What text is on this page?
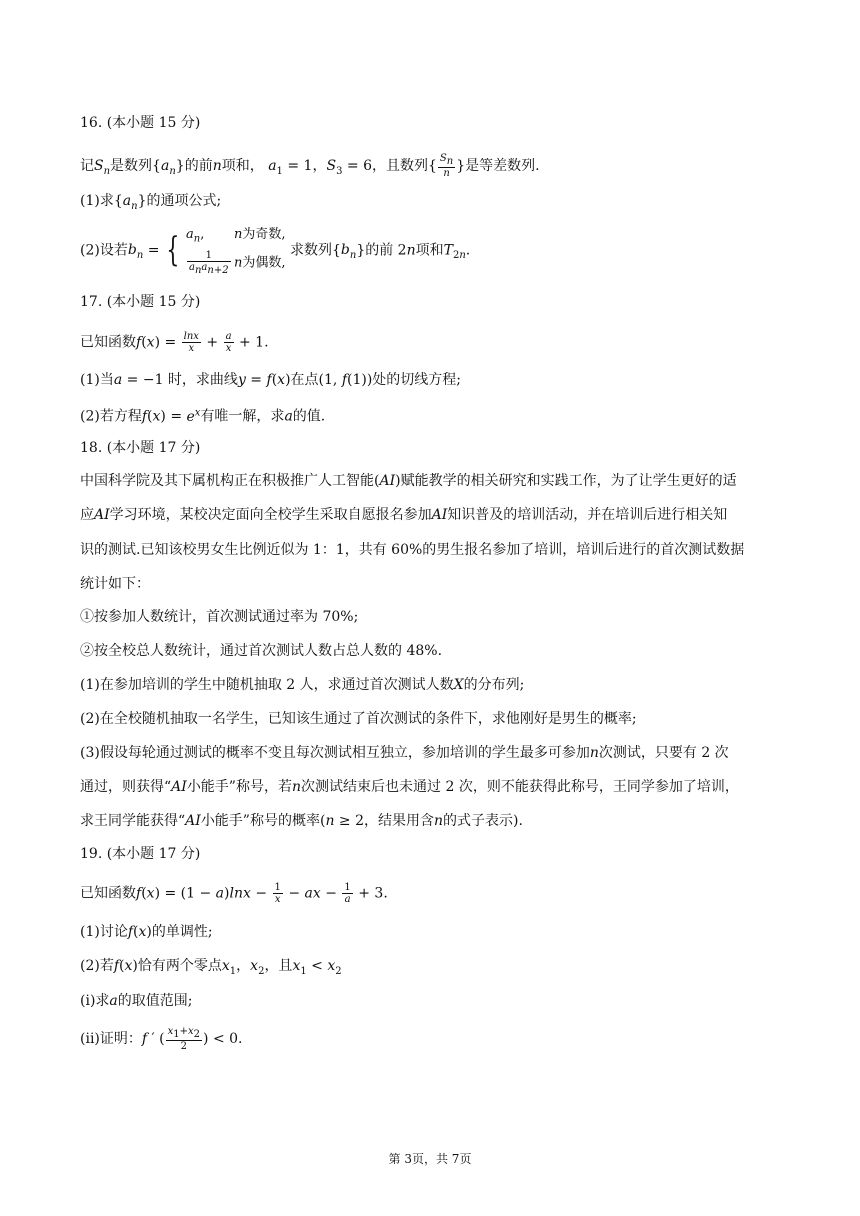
16. (本小题 15 分)
记$S_n$是数列$\{a_n\}$的前n项和， $a_1 = 1$，$S_3 = 6$，且数列{ $\frac{S_n}{n}$ }是等差数列.
(1)求$\{a_n\}$的通项公式;
(2)设若$b_n$ = { $a_n$, n为奇数,
$\frac{1}{a_na_{n+2}}$ n为偶数,
求数列$\{b_n\}$的前 2n项和$T_{2n}$.
17. (本小题 15 分)
已知函数$f(x) = \frac{\ln x}{x} + \frac{a}{x} + 1$.
(1)当a = −1 时，求曲线y = f(x)在点(1, f(1))处的切线方程;
(2)若方程$f(x) = e^x$有唯一解，求a的值.
18. (本小题 17 分)
中国科学院及其下属机构正在积极推广人工智能(AI)赋能教学的相关研究和实践工作，为了让学生更好的适
应AI学习环境，某校决定面向全校学生采取自愿报名参加AI知识普及的培训活动，并在培训后进行相关知
识的测试.已知该校男女生比例近似为 1：1，共有 60%的男生报名参加了培训，培训后进行的首次测试数据
统计如下：
①按参加人数统计，首次测试通过率为 70%;
②按全校总人数统计，通过首次测试人数占总人数的 48%.
(1)在参加培训的学生中随机抽取 2 人，求通过首次测试人数X的分布列;
(2)在全校随机抽取一名学生，已知该生通过了首次测试的条件下，求他刚好是男生的概率;
(3)假设每轮通过测试的概率不变且每次测试相互独立，参加培训的学生最多可参加n次测试，只要有 2 次
通过，则获得“AI小能手”称号，若n次测试结束后也未通过 2 次，则不能获得此称号，王同学参加了培训，
求王同学能获得“AI小能手”称号的概率(n ≥ 2，结果用含n的式子表示).
19. (本小题 17 分)
已知函数$f(x) = (1 - a)\ln x - \frac{1}{x}$ − ax − $\frac{1}{a} + 3$.
(1)讨论f(x)的单调性;
(2)若f(x)恰有两个零点$x_1$，$x_2$，且$x_1 < x_2$
(i)求a的取值范围;
(ii)证明：f ′ ( $\frac{x_1+x_2}{2}$ ) < 0.
第 3页，共 7页
